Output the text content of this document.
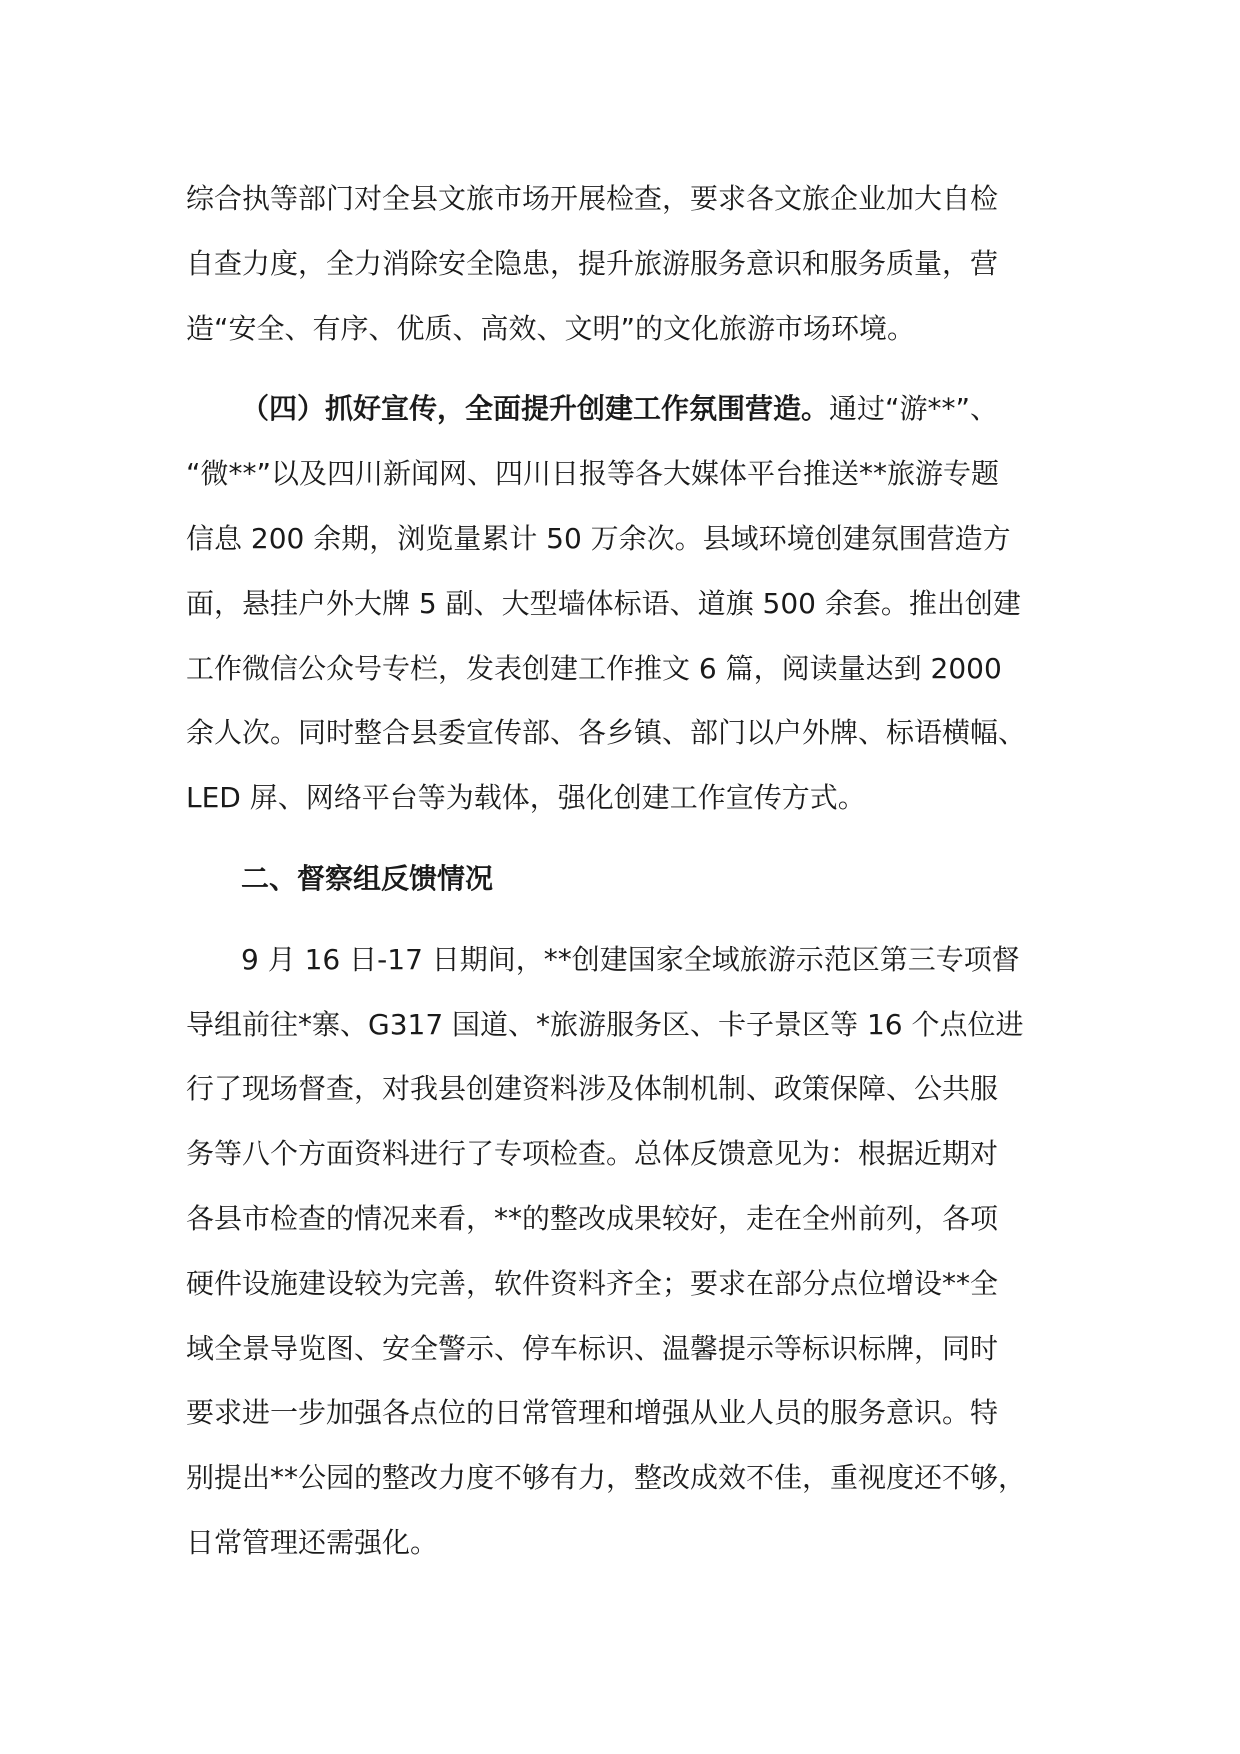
综合执等部门对全县文旅市场开展检查，要求各文旅企业加大自检
自查力度，全力消除安全隐患，提升旅游服务意识和服务质量，营
造“安全、有序、优质、高效、文明”的文化旅游市场环境。
（四）抓好宣传，全面提升创建工作氛围营造。通过“游**”、
“微**”以及四川新闻网、四川日报等各大媒体平台推送**旅游专题
信息 200 余期，浏览量累计 50 万余次。县域环境创建氛围营造方
面，悬挂户外大牌 5 副、大型墙体标语、道旗 500 余套。推出创建
工作微信公众号专栏，发表创建工作推文 6 篇，阅读量达到 2000
余人次。同时整合县委宣传部、各乡镇、部门以户外牌、标语横幅、
LED 屏、网络平台等为载体，强化创建工作宣传方式。
二、督察组反馈情况
9 月 16 日-17 日期间，**创建国家全域旅游示范区第三专项督
导组前往*寨、G317 国道、*旅游服务区、卡子景区等 16 个点位进
行了现场督查，对我县创建资料涉及体制机制、政策保障、公共服
务等八个方面资料进行了专项检查。总体反馈意见为：根据近期对
各县市检查的情况来看，**的整改成果较好，走在全州前列，各项
硬件设施建设较为完善，软件资料齐全；要求在部分点位增设**全
域全景导览图、安全警示、停车标识、温馨提示等标识标牌，同时
要求进一步加强各点位的日常管理和增强从业人员的服务意识。特
别提出**公园的整改力度不够有力，整改成效不佳，重视度还不够，
日常管理还需强化。
